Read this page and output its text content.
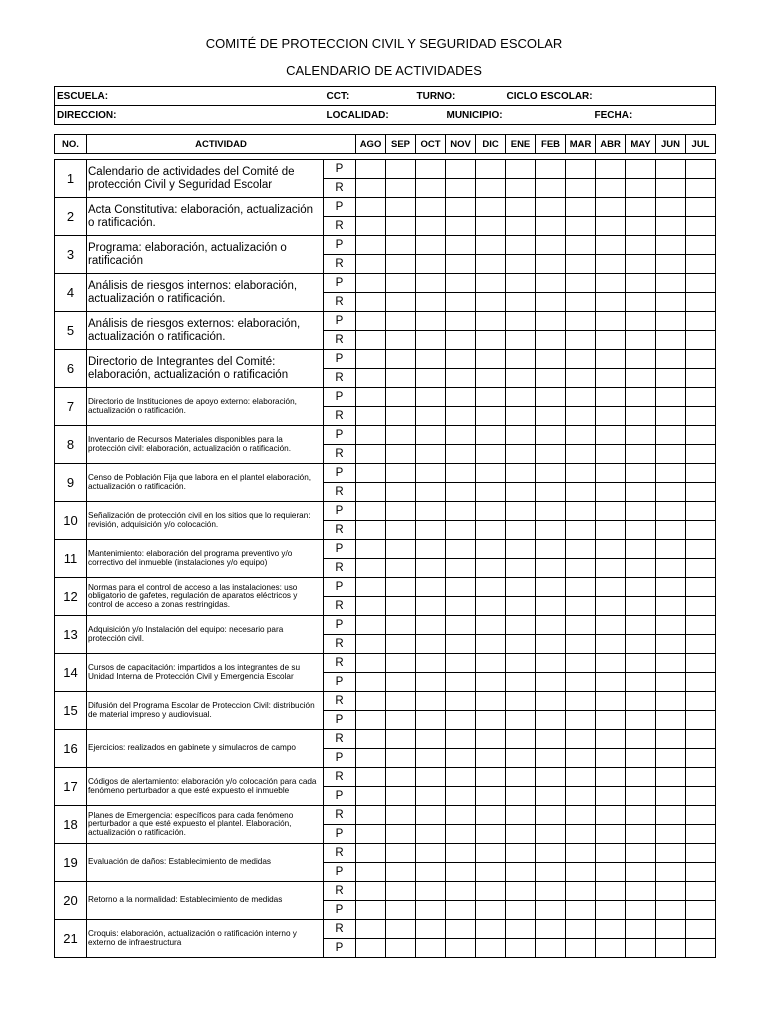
COMITÉ DE PROTECCION CIVIL Y SEGURIDAD ESCOLAR
CALENDARIO DE ACTIVIDADES
ESCUELA:	CCT:	TURNO:	CICLO ESCOLAR:
DIRECCION:	LOCALIDAD:	MUNICIPIO:	FECHA:
NO.	ACTIVIDAD		AGO	SEP	OCT	NOV	DIC	ENE	FEB	MAR	ABR	MAY	JUN	JUL

1	Calendario de actividades del Comité de protección Civil y Seguridad Escolar	P												
		R												
2	Acta Constitutiva: elaboración, actualización o ratificación.	P												
		R												
3	Programa: elaboración, actualización o ratificación	P												
		R												
4	Análisis de riesgos internos: elaboración, actualización o ratificación.	P												
		R												
5	Análisis de riesgos externos: elaboración, actualización o ratificación.	P												
		R												
6	Directorio de Integrantes del Comité: elaboración, actualización o ratificación	P												
		R												
7	Directorio de Instituciones de apoyo externo: elaboración, actualización o ratificación.	P												
		R												
8	Inventario de Recursos Materiales disponibles para la protección civil: elaboración, actualización o ratificación.	P												
		R												
9	Censo de Población Fija que labora en el plantel elaboración, actualización o ratificación.	P												
		R												
10	Señalización de protección civil en los sitios que lo requieran: revisión, adquisición y/o colocación.	P												
		R												
11	Mantenimiento: elaboración del programa preventivo y/o correctivo del inmueble (instalaciones y/o equipo)	P												
		R												
12	Normas para el control de acceso a las instalaciones: uso obligatorio de gafetes, regulación de aparatos eléctricos y control de acceso a zonas restringidas.	P												
		R												
13	Adquisición y/o Instalación del equipo: necesario para protección civil.	P												
		R												
14	Cursos de capacitación: impartidos a los integrantes de su Unidad Interna de Protección Civil y Emergencia Escolar	R												
		P												
15	Difusión del Programa Escolar de Proteccion Civil: distribución de material impreso y audiovisual.	R												
		P												
16	Ejercicios: realizados en gabinete y simulacros de campo	R												
		P												
17	Códigos de alertamiento: elaboración y/o colocación para cada fenómeno perturbador a que esté expuesto el inmueble	R												
		P												
18	Planes de Emergencia: específicos para cada fenómeno perturbador a que esté expuesto el plantel. Elaboración, actualización o ratificación.	R												
		P												
19	Evaluación de daños: Establecimiento de medidas	R												
		P												
20	Retorno a la normalidad: Establecimiento de medidas	R												
		P												
21	Croquis: elaboración, actualización o ratificación interno y externo de infraestructura	R												
		P												
